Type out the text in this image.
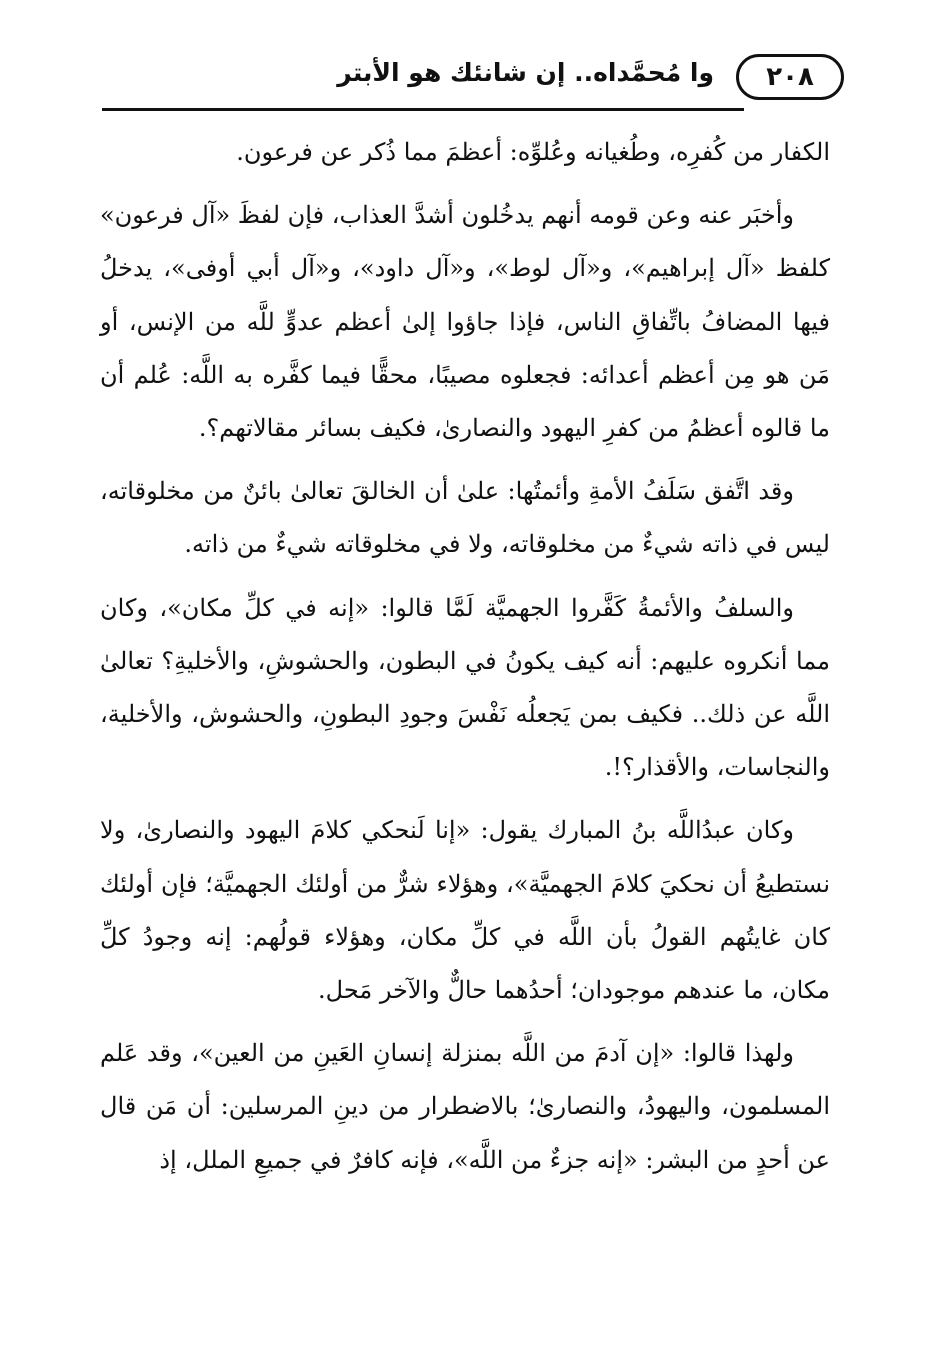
٢٠٨
وا مُحمَّداه.. إن شانئك هو الأبتر

الكفار من كُفرِه، وطُغيانه وعُلوِّه: أعظمَ مما ذُكر عن فرعون.

وأخبَر عنه وعن قومه أنهم يدخُلون أشدَّ العذاب، فإن لفظَ «آل فرعون» كلفظ «آل إبراهيم»، و«آل لوط»، و«آل داود»، و«آل أبي أوفى»، يدخلُ فيها المضافُ باتِّفاقِ الناس، فإذا جاؤوا إلىٰ أعظم عدوٍّ للَّه من الإنس، أو مَن هو مِن أعظم أعدائه: فجعلوه مصيبًا، محقًّا فيما كفَّره به اللَّه: عُلم أن ما قالوه أعظمُ من كفرِ اليهود والنصارىٰ، فكيف بسائر مقالاتهم؟.

وقد اتَّفق سَلَفُ الأمةِ وأئمتُها: علىٰ أن الخالقَ تعالىٰ بائنٌ من مخلوقاته، ليس في ذاته شيءٌ من مخلوقاته، ولا في مخلوقاته شيءٌ من ذاته.

والسلفُ والأئمةُ كَفَّروا الجهميَّة لَمَّا قالوا: «إنه في كلِّ مكان»، وكان مما أنكروه عليهم: أنه كيف يكونُ في البطون، والحشوشِ، والأخليةِ؟ تعالىٰ اللَّه عن ذلك.. فكيف بمن يَجعلُه نَفْسَ وجودِ البطونِ، والحشوش، والأخلية، والنجاسات، والأقذار؟!.

وكان عبدُاللَّه بنُ المبارك يقول: «إنا لَنحكي كلامَ اليهود والنصارىٰ، ولا نستطيعُ أن نحكيَ كلامَ الجهميَّة»، وهؤلاء شرٌّ من أولئك الجهميَّة؛ فإن أولئك كان غايتُهم القولُ بأن اللَّه في كلِّ مكان، وهؤلاء قولُهم: إنه وجودُ كلِّ مكان، ما عندهم موجودان؛ أحدُهما حالٌّ والآخر مَحل.

ولهذا قالوا: «إن آدمَ من اللَّه بمنزلة إنسانِ العَينِ من العين»، وقد عَلم المسلمون، واليهودُ، والنصارىٰ؛ بالاضطرار من دينِ المرسلين: أن مَن قال عن أحدٍ من البشر: «إنه جزءٌ من اللَّه»، فإنه كافرٌ في جميعِ الملل، إذ
